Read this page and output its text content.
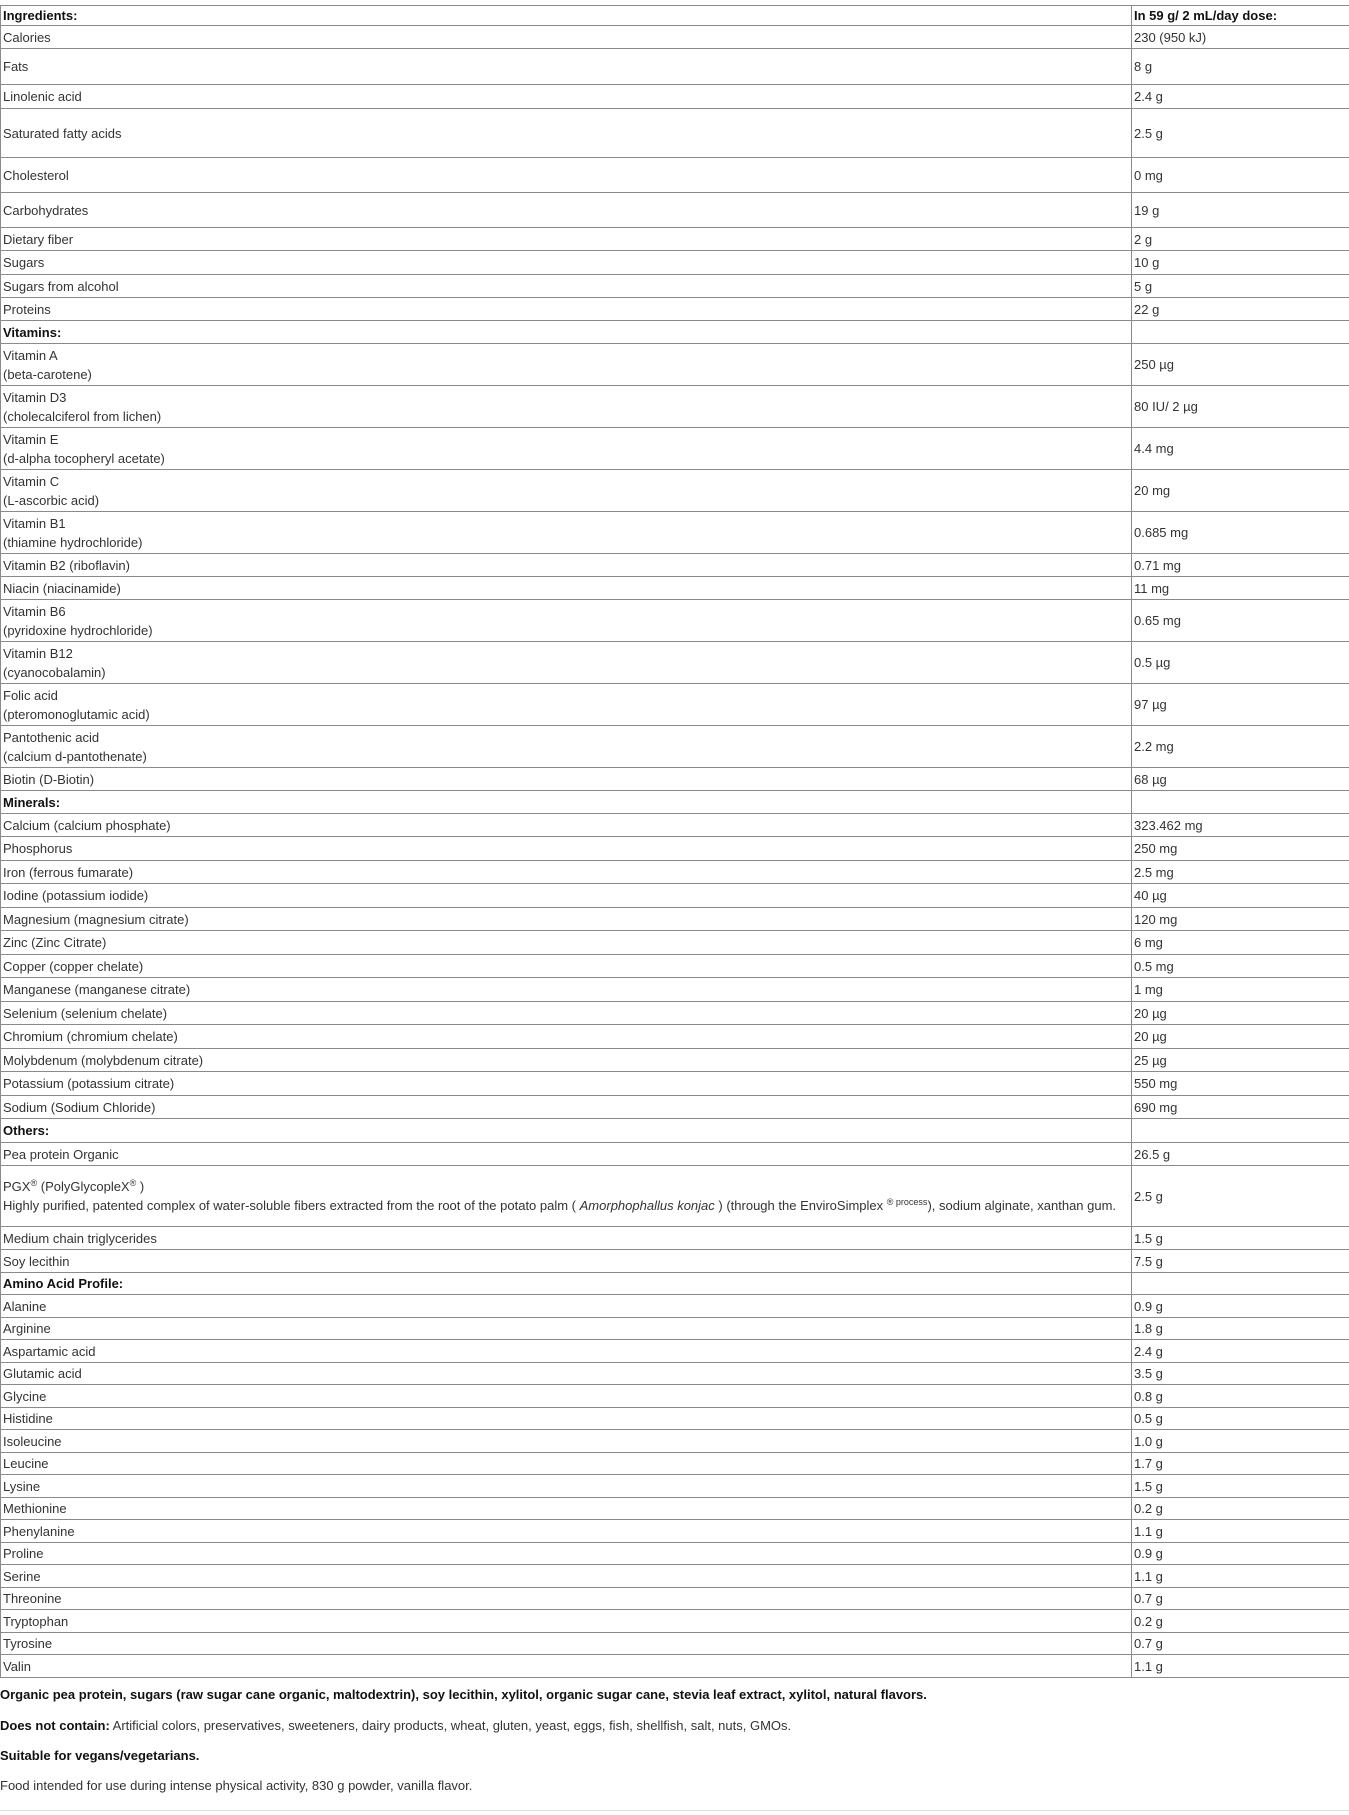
Ingredients:	In 59 g/ 2 mL/day dose:
Calories	230 (950 kJ)
Fats	8 g
Linolenic acid	2.4 g
Saturated fatty acids	2.5 g
Cholesterol	0 mg
Carbohydrates	19 g
Dietary fiber	2 g
Sugars	10 g
Sugars from alcohol	5 g
Proteins	22 g
Vitamins:	

Vitamin A
(beta-carotene)	250 µg

Vitamin D3
(cholecalciferol from lichen)	80 IU/ 2 µg

Vitamin E
(d-alpha tocopheryl acetate)	4.4 mg

Vitamin C
(L-ascorbic acid)	20 mg

Vitamin B1
(thiamine hydrochloride)	0.685 mg
Vitamin B2 (riboflavin)	0.71 mg
Niacin (niacinamide)	11 mg

Vitamin B6
(pyridoxine hydrochloride)	0.65 mg

Vitamin B12
(cyanocobalamin)	0.5 µg

Folic acid
(pteromonoglutamic acid)	97 µg

Pantothenic acid
(calcium d-pantothenate)	2.2 mg
Biotin (D-Biotin)	68 µg
Minerals:	
Calcium (calcium phosphate)	323.462 mg
Phosphorus	250 mg
Iron (ferrous fumarate)	2.5 mg
Iodine (potassium iodide)	40 µg
Magnesium (magnesium citrate)	120 mg
Zinc (Zinc Citrate)	6 mg
Copper (copper chelate)	0.5 mg
Manganese (manganese citrate)	1 mg
Selenium (selenium chelate)	20 µg
Chromium (chromium chelate)	20 µg
Molybdenum (molybdenum citrate)	25 µg
Potassium (potassium citrate)	550 mg
Sodium (Sodium Chloride)	690 mg
Others:	
Pea protein Organic	26.5 g

PGX® (PolyGlycopleX® )
Highly purified, patented complex of water-soluble fibers extracted from the root of the potato palm ( Amorphophallus konjac ) (through the EnviroSimplex $^{® process}$), sodium alginate, xanthan gum.	2.5 g
Medium chain triglycerides	1.5 g
Soy lecithin	7.5 g
Amino Acid Profile:	
Alanine	0.9 g
Arginine	1.8 g
Aspartamic acid	2.4 g
Glutamic acid	3.5 g
Glycine	0.8 g
Histidine	0.5 g
Isoleucine	1.0 g
Leucine	1.7 g
Lysine	1.5 g
Methionine	0.2 g
Phenylanine	1.1 g
Proline	0.9 g
Serine	1.1 g
Threonine	0.7 g
Tryptophan	0.2 g
Tyrosine	0.7 g
Valin	1.1 g

Organic pea protein, sugars (raw sugar cane organic, maltodextrin), soy lecithin, xylitol, organic sugar cane, stevia leaf extract, xylitol, natural flavors.

Does not contain: Artificial colors, preservatives, sweeteners, dairy products, wheat, gluten, yeast, eggs, fish, shellfish, salt, nuts, GMOs.

Suitable for vegans/vegetarians.

Food intended for use during intense physical activity, 830 g powder, vanilla flavor.
